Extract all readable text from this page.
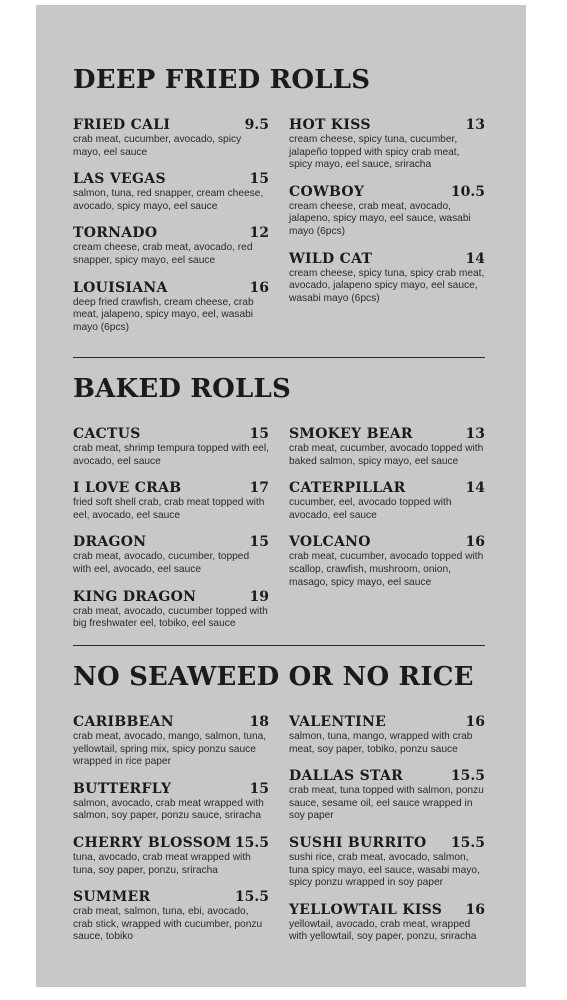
DEEP FRIED ROLLS
FRIED CALI	9.5
crab meat, cucumber, avocado, spicy mayo, eel sauce
LAS VEGAS	15
salmon, tuna, red snapper, cream cheese, avocado, spicy mayo, eel sauce
TORNADO	12
cream cheese, crab meat, avocado, red snapper, spicy mayo, eel sauce
LOUISIANA	16
deep fried crawfish, cream cheese, crab meat, jalapeno, spicy mayo, eel, wasabi mayo (6pcs)
HOT KISS	13
cream cheese, spicy tuna, cucumber, jalapeño topped with spicy crab meat, spicy mayo, eel sauce, sriracha
COWBOY	10.5
cream cheese, crab meat, avocado, jalapeno, spicy mayo, eel sauce, wasabi mayo (6pcs)
WILD CAT	14
cream cheese, spicy tuna, spicy crab meat, avocado, jalapeno spicy mayo, eel sauce, wasabi mayo (6pcs)
BAKED ROLLS
CACTUS	15
crab meat, shrimp tempura topped with eel, avocado, eel sauce
I LOVE CRAB	17
fried soft shell crab, crab meat topped with eel, avocado, eel sauce
DRAGON	15
crab meat, avocado, cucumber, topped with eel, avocado, eel sauce
KING DRAGON	19
crab meat, avocado, cucumber topped with big freshwater eel, tobiko, eel sauce
SMOKEY BEAR	13
crab meat, cucumber, avocado topped with baked salmon, spicy mayo, eel sauce
CATERPILLAR	14
cucumber, eel, avocado topped with avocado, eel sauce
VOLCANO	16
crab meat, cucumber, avocado topped with scallop, crawfish, mushroom, onion, masago, spicy mayo, eel sauce
NO SEAWEED OR NO RICE
CARIBBEAN	18
crab meat, avocado, mango, salmon, tuna, yellowtail, spring mix, spicy ponzu sauce wrapped in rice paper
BUTTERFLY	15
salmon, avocado, crab meat wrapped with salmon, soy paper, ponzu sauce, sriracha
CHERRY BLOSSOM 15.5
tuna, avocado, crab meat wrapped with tuna, soy paper, ponzu, sriracha
SUMMER	15.5
crab meat, salmon, tuna, ebi, avocado, crab stick, wrapped with cucumber, ponzu sauce, tobiko
VALENTINE	16
salmon, tuna, mango, wrapped with crab meat, soy paper, tobiko, ponzu sauce
DALLAS STAR	15.5
crab meat, tuna topped with salmon, ponzu sauce, sesame oil, eel sauce wrapped in soy paper
SUSHI BURRITO 15.5
sushi rice, crab meat, avocado, salmon, tuna spicy mayo, eel sauce, wasabi mayo, spicy ponzu wrapped in soy paper
YELLOWTAIL KISS 16
yellowtail, avocado, crab meat, wrapped with yellowtail, soy paper, ponzu, sriracha
